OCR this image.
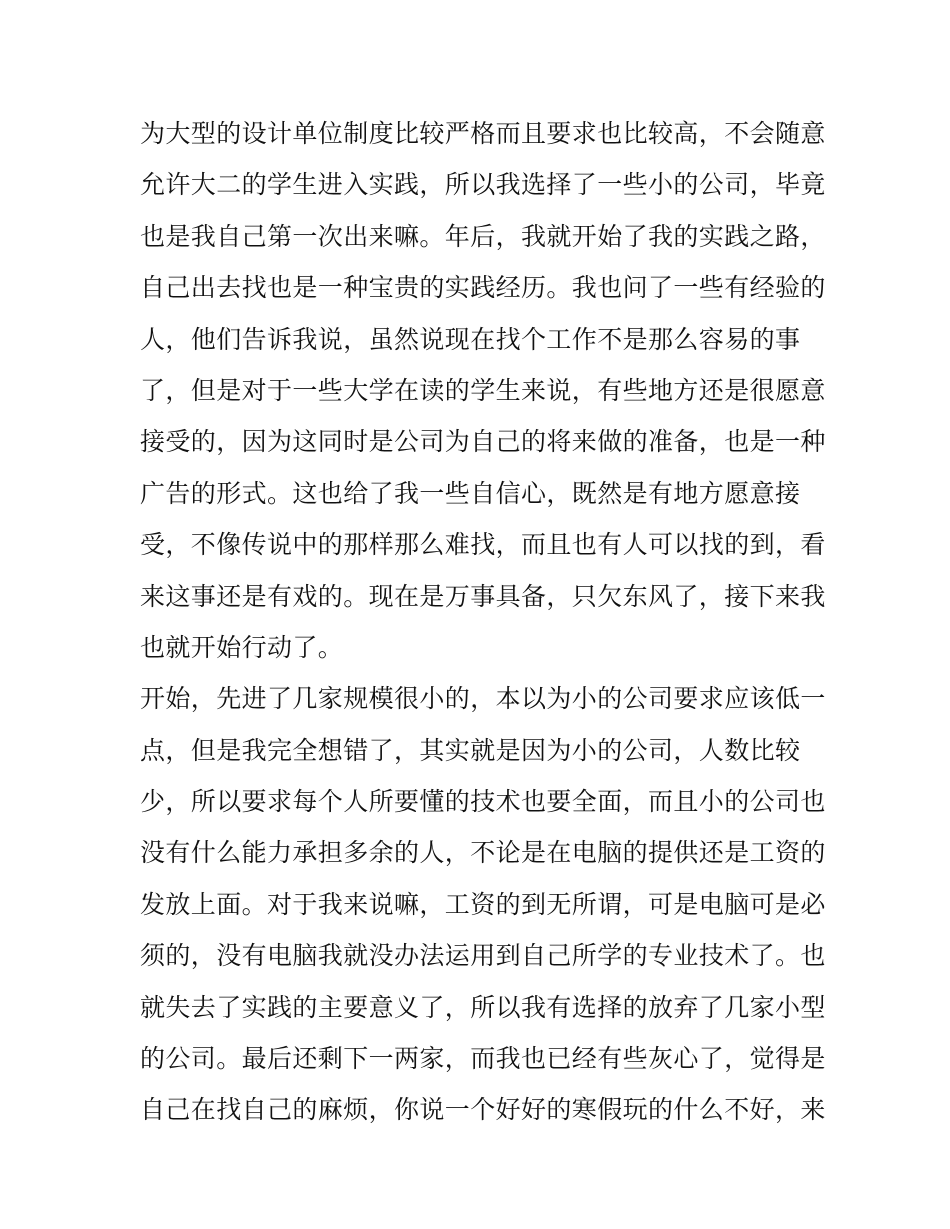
为大型的设计单位制度比较严格而且要求也比较高，不会随意
允许大二的学生进入实践，所以我选择了一些小的公司，毕竟
也是我自己第一次出来嘛。年后，我就开始了我的实践之路，
自己出去找也是一种宝贵的实践经历。我也问了一些有经验的
人，他们告诉我说，虽然说现在找个工作不是那么容易的事
了，但是对于一些大学在读的学生来说，有些地方还是很愿意
接受的，因为这同时是公司为自己的将来做的准备，也是一种
广告的形式。这也给了我一些自信心，既然是有地方愿意接
受，不像传说中的那样那么难找，而且也有人可以找的到，看
来这事还是有戏的。现在是万事具备，只欠东风了，接下来我
也就开始行动了。
开始，先进了几家规模很小的，本以为小的公司要求应该低一
点，但是我完全想错了，其实就是因为小的公司，人数比较
少，所以要求每个人所要懂的技术也要全面，而且小的公司也
没有什么能力承担多余的人，不论是在电脑的提供还是工资的
发放上面。对于我来说嘛，工资的到无所谓，可是电脑可是必
须的，没有电脑我就没办法运用到自己所学的专业技术了。也
就失去了实践的主要意义了，所以我有选择的放弃了几家小型
的公司。最后还剩下一两家，而我也已经有些灰心了，觉得是
自己在找自己的麻烦，你说一个好好的寒假玩的什么不好，来
